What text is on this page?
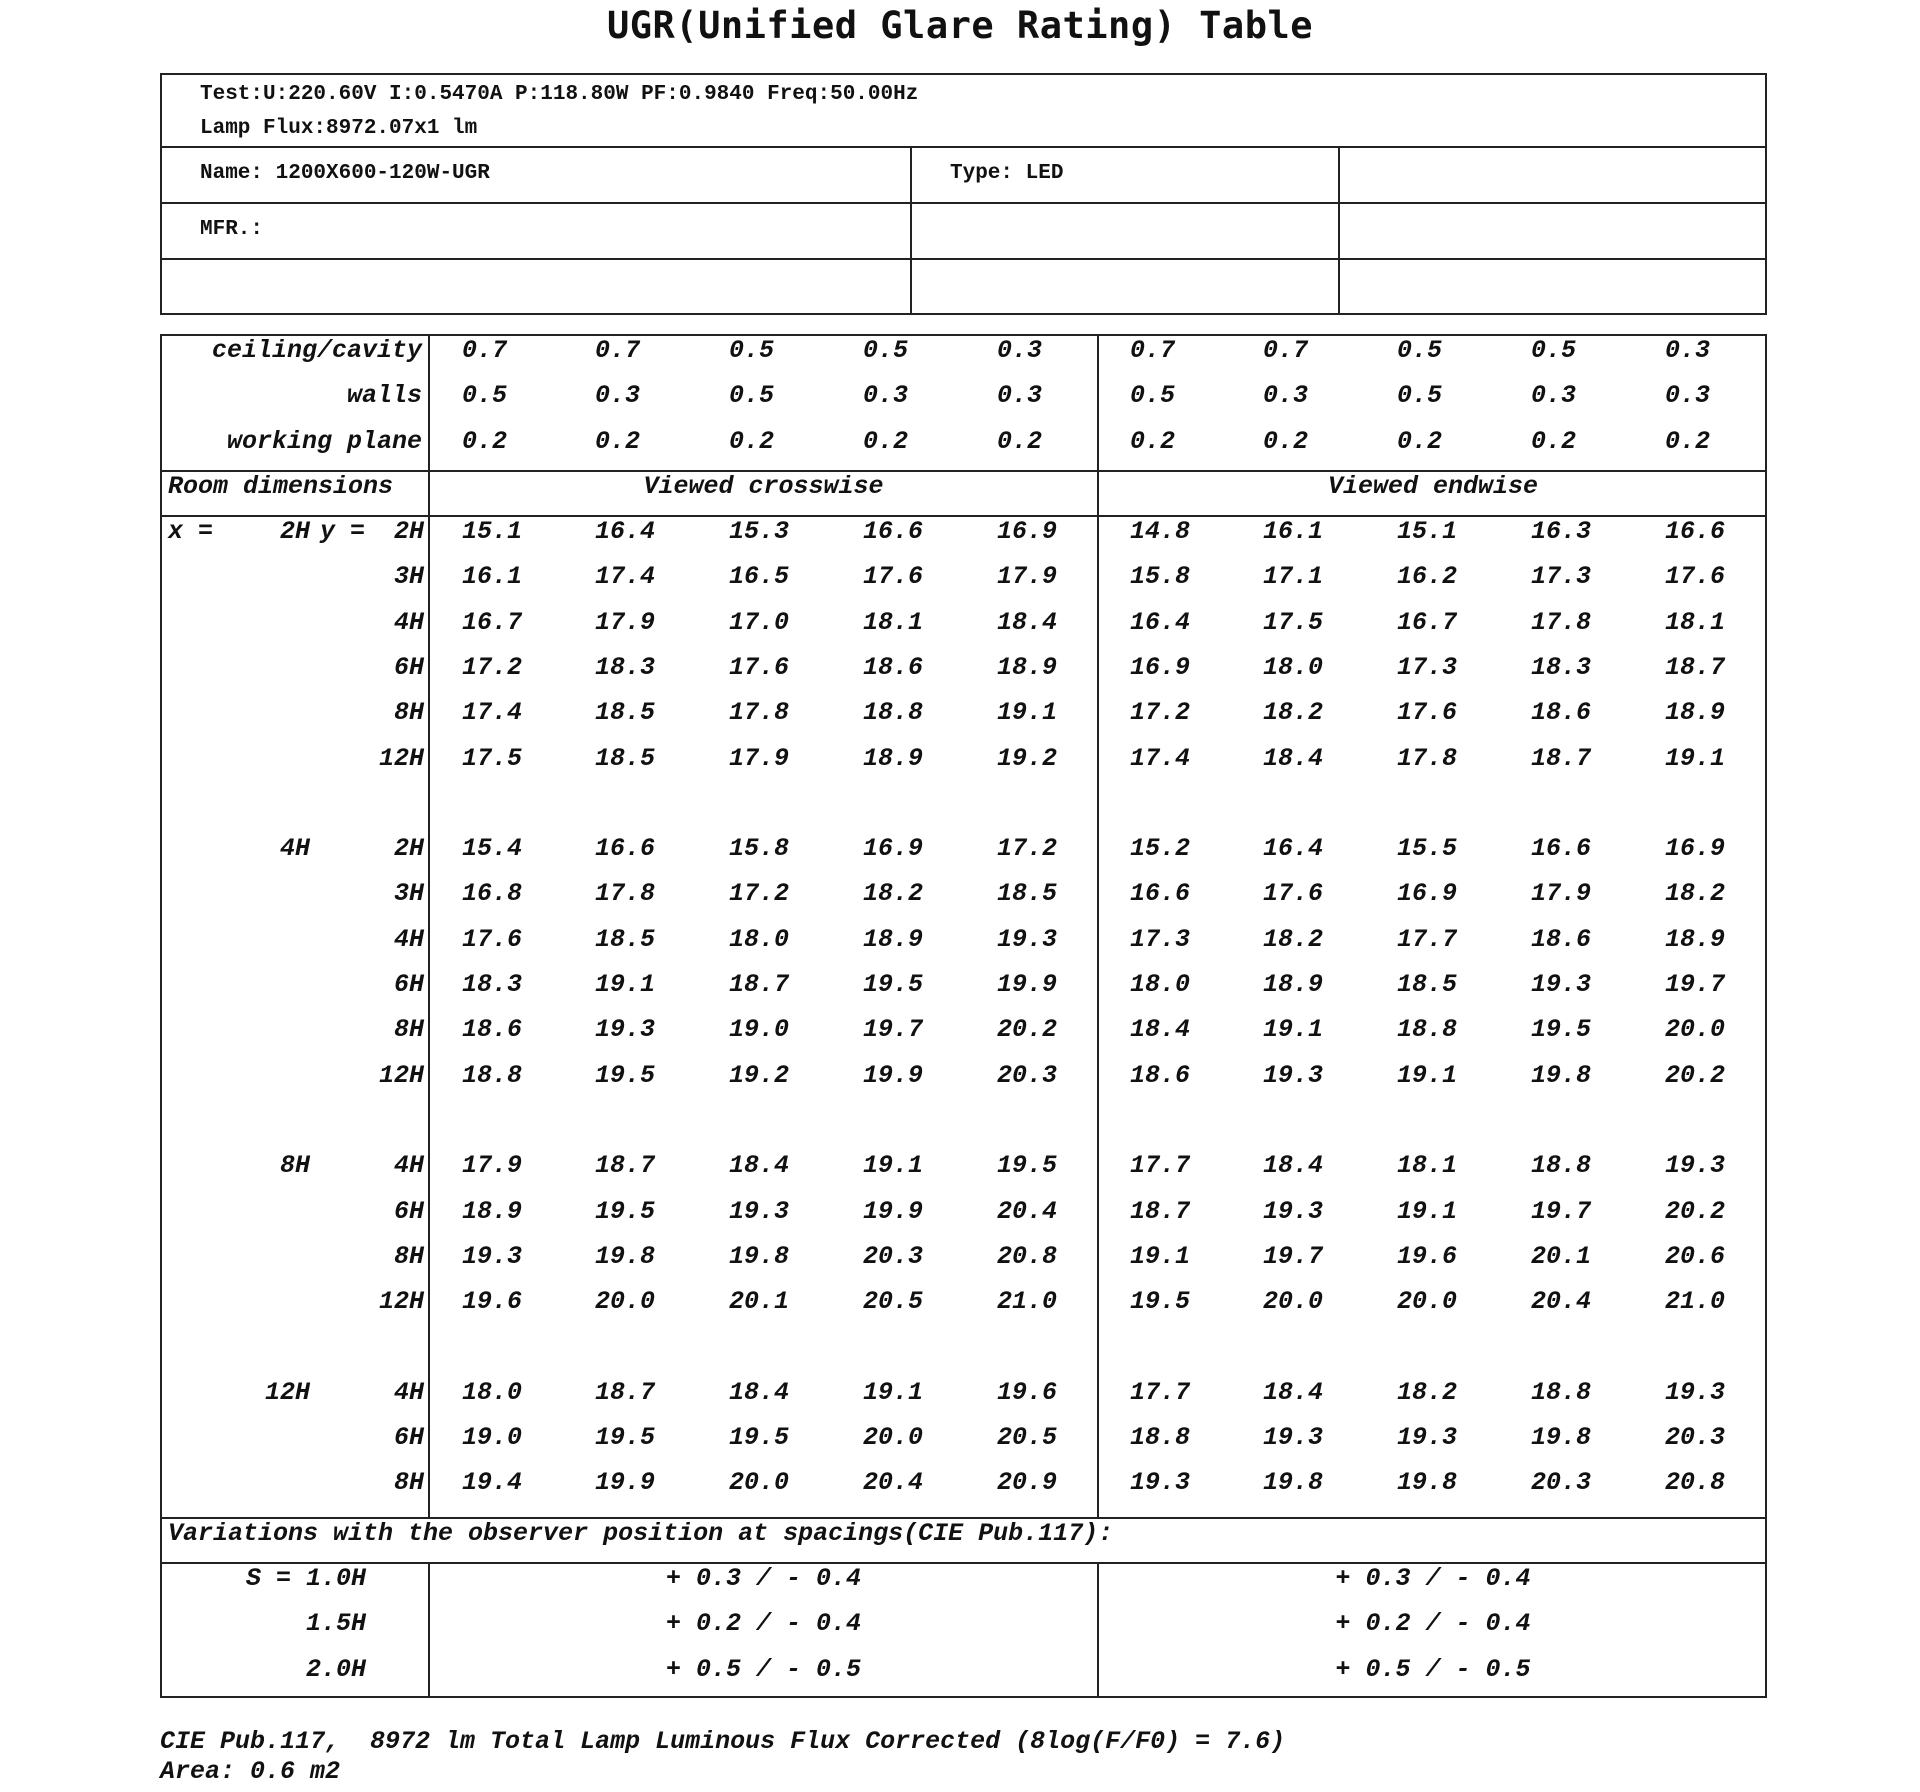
UGR(Unified Glare Rating) Table
Test:U:220.60V I:0.5470A P:118.80W PF:0.9840 Freq:50.00Hz
Lamp Flux:8972.07x1 lm
Name: 1200X600-120W-UGR	Type: LED
MFR.:
ceiling/cavity 0.7	0.7	0.5	0.5	0.3	0.7	0.7	0.5	0.5	0.3
walls 0.5	0.3	0.5	0.3	0.3	0.5	0.3	0.5	0.3	0.3
working plane 0.2	0.2	0.2	0.2	0.2	0.2	0.2	0.2	0.2	0.2
Room dimensions	Viewed crosswise	Viewed endwise
x =	2H y =	2H 15.1	16.4	15.3	16.6	16.9	14.8	16.1	15.1	16.3	16.6
3H 16.1	17.4	16.5	17.6	17.9	15.8	17.1	16.2	17.3	17.6
4H 16.7	17.9	17.0	18.1	18.4	16.4	17.5	16.7	17.8	18.1
6H 17.2	18.3	17.6	18.6	18.9	16.9	18.0	17.3	18.3	18.7
8H 17.4	18.5	17.8	18.8	19.1	17.2	18.2	17.6	18.6	18.9
12H 17.5	18.5	17.9	18.9	19.2	17.4	18.4	17.8	18.7	19.1
4H	2H 15.4	16.6	15.8	16.9	17.2	15.2	16.4	15.5	16.6	16.9
3H 16.8	17.8	17.2	18.2	18.5	16.6	17.6	16.9	17.9	18.2
4H 17.6	18.5	18.0	18.9	19.3	17.3	18.2	17.7	18.6	18.9
6H 18.3	19.1	18.7	19.5	19.9	18.0	18.9	18.5	19.3	19.7
8H 18.6	19.3	19.0	19.7	20.2	18.4	19.1	18.8	19.5	20.0
12H 18.8	19.5	19.2	19.9	20.3	18.6	19.3	19.1	19.8	20.2
8H	4H 17.9	18.7	18.4	19.1	19.5	17.7	18.4	18.1	18.8	19.3
6H 18.9	19.5	19.3	19.9	20.4	18.7	19.3	19.1	19.7	20.2
8H 19.3	19.8	19.8	20.3	20.8	19.1	19.7	19.6	20.1	20.6
12H 19.6	20.0	20.1	20.5	21.0	19.5	20.0	20.0	20.4	21.0
12H	4H 18.0	18.7	18.4	19.1	19.6	17.7	18.4	18.2	18.8	19.3
6H 19.0	19.5	19.5	20.0	20.5	18.8	19.3	19.3	19.8	20.3
8H 19.4	19.9	20.0	20.4	20.9	19.3	19.8	19.8	20.3	20.8
Variations with the observer position at spacings(CIE Pub.117):
S = 1.0H	+ 0.3 / - 0.4	+ 0.3 / - 0.4
1.5H	+ 0.2 / - 0.4	+ 0.2 / - 0.4
2.0H	+ 0.5 / - 0.5	+ 0.5 / - 0.5
CIE Pub.117,  8972 lm Total Lamp Luminous Flux Corrected (8log(F/F0) = 7.6)
Area: 0.6 m2
